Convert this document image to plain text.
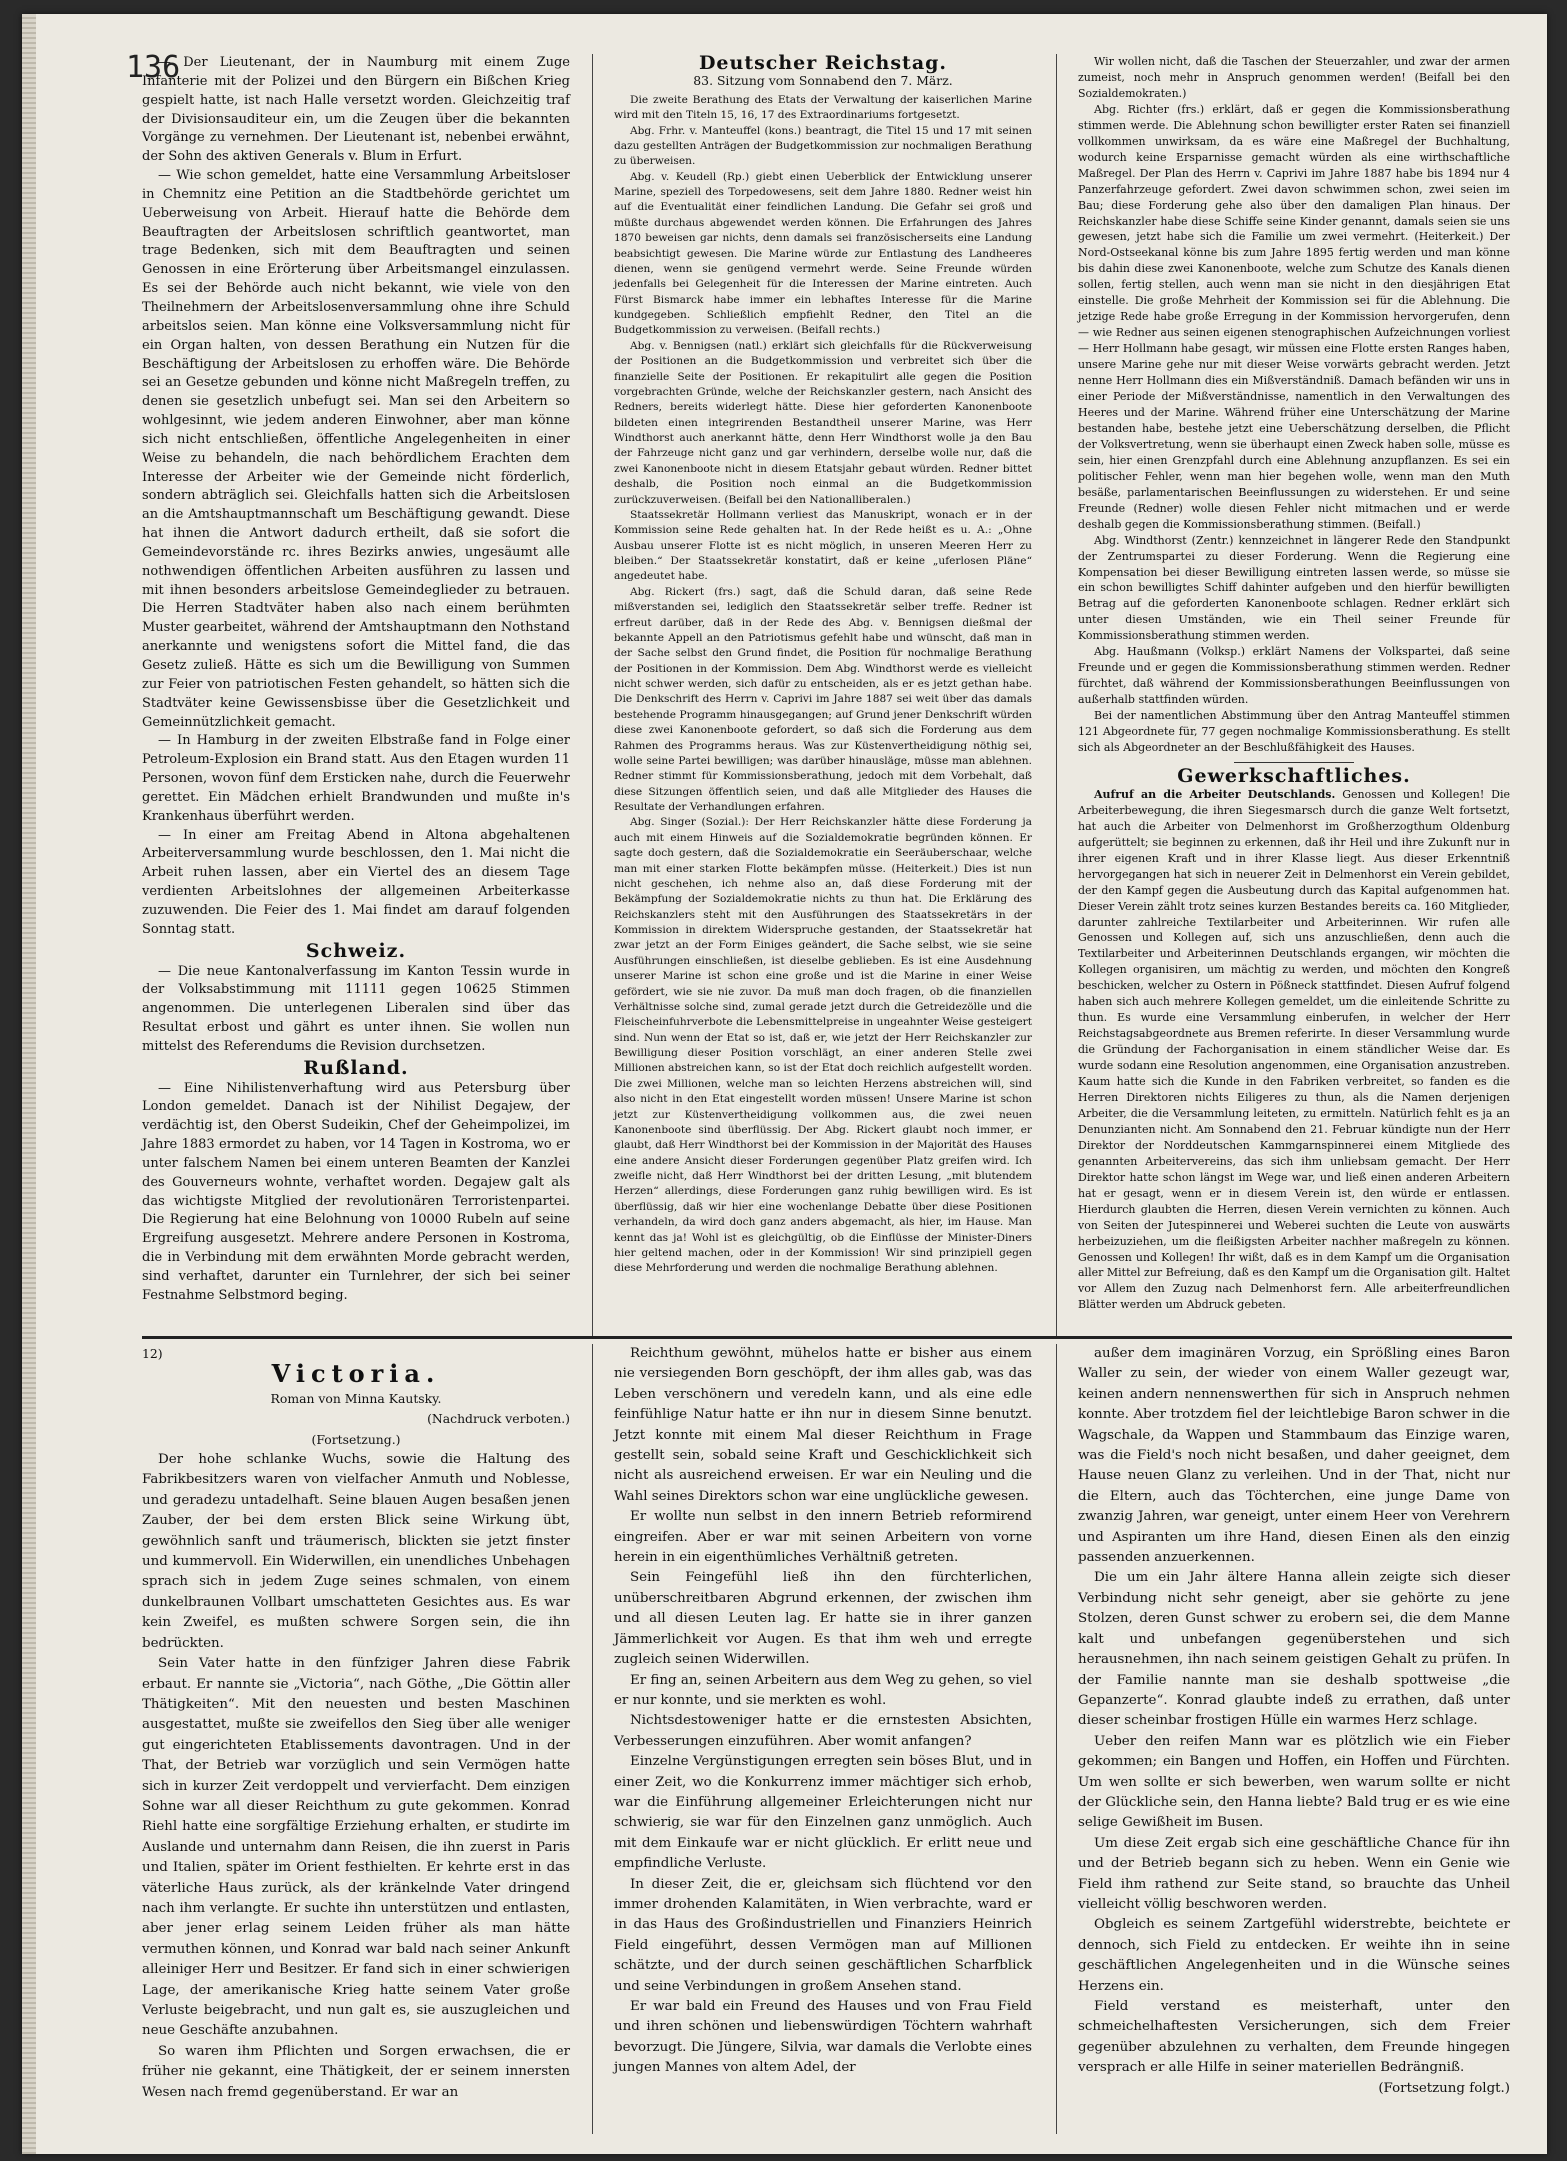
136

— Der Lieutenant, der in Naumburg mit einem Zuge Infanterie mit der Polizei und den Bürgern ein Bißchen Krieg gespielt hatte, ist nach Halle versetzt worden. Gleichzeitig traf der Divisionsauditeur ein, um die Zeugen über die bekannten Vorgänge zu vernehmen. Der Lieutenant ist, nebenbei erwähnt, der Sohn des aktiven Generals v. Blum in Erfurt.

— Wie schon gemeldet, hatte eine Versammlung Arbeitsloser in Chemnitz eine Petition an die Stadtbehörde gerichtet um Ueberweisung von Arbeit. Hierauf hatte die Behörde dem Beauftragten der Arbeitslosen schriftlich geantwortet, man trage Bedenken, sich mit dem Beauftragten und seinen Genossen in eine Erörterung über Arbeitsmangel einzulassen. Es sei der Behörde auch nicht bekannt, wie viele von den Theilnehmern der Arbeitslosenversammlung ohne ihre Schuld arbeitslos seien. Man könne eine Volksversammlung nicht für ein Organ halten, von dessen Berathung ein Nutzen für die Beschäftigung der Arbeitslosen zu erhoffen wäre. Die Behörde sei an Gesetze gebunden und könne nicht Maßregeln treffen, zu denen sie gesetzlich unbefugt sei. Man sei den Arbeitern so wohlgesinnt, wie jedem anderen Einwohner, aber man könne sich nicht entschließen, öffentliche Angelegenheiten in einer Weise zu behandeln, die nach behördlichem Erachten dem Interesse der Arbeiter wie der Gemeinde nicht förderlich, sondern abträglich sei. Gleichfalls hatten sich die Arbeitslosen an die Amtshauptmannschaft um Beschäftigung gewandt. Diese hat ihnen die Antwort dadurch ertheilt, daß sie sofort die Gemeindevorstände rc. ihres Bezirks anwies, ungesäumt alle nothwendigen öffentlichen Arbeiten ausführen zu lassen und mit ihnen besonders arbeitslose Gemeindeglieder zu betrauen. Die Herren Stadtväter haben also nach einem berühmten Muster gearbeitet, während der Amtshauptmann den Nothstand anerkannte und wenigstens sofort die Mittel fand, die das Gesetz zuließ. Hätte es sich um die Bewilligung von Summen zur Feier von patriotischen Festen gehandelt, so hätten sich die Stadtväter keine Gewissensbisse über die Gesetzlichkeit und Gemeinnützlichkeit gemacht.

— In Hamburg in der zweiten Elbstraße fand in Folge einer Petroleum-Explosion ein Brand statt. Aus den Etagen wurden 11 Personen, wovon fünf dem Ersticken nahe, durch die Feuerwehr gerettet. Ein Mädchen erhielt Brandwunden und mußte in's Krankenhaus überführt werden.

— In einer am Freitag Abend in Altona abgehaltenen Arbeiterversammlung wurde beschlossen, den 1. Mai nicht die Arbeit ruhen lassen, aber ein Viertel des an diesem Tage verdienten Arbeitslohnes der allgemeinen Arbeiterkasse zuzuwenden. Die Feier des 1. Mai findet am darauf folgenden Sonntag statt.

Schweiz.

— Die neue Kantonalverfassung im Kanton Tessin wurde in der Volksabstimmung mit 11111 gegen 10625 Stimmen angenommen. Die unterlegenen Liberalen sind über das Resultat erbost und gährt es unter ihnen. Sie wollen nun mittelst des Referendums die Revision durchsetzen.

Rußland.

— Eine Nihilistenverhaftung wird aus Petersburg über London gemeldet. Danach ist der Nihilist Degajew, der verdächtig ist, den Oberst Sudeikin, Chef der Geheimpolizei, im Jahre 1883 ermordet zu haben, vor 14 Tagen in Kostroma, wo er unter falschem Namen bei einem unteren Beamten der Kanzlei des Gouverneurs wohnte, verhaftet worden. Degajew galt als das wichtigste Mitglied der revolutionären Terroristenpartei. Die Regierung hat eine Belohnung von 10000 Rubeln auf seine Ergreifung ausgesetzt. Mehrere andere Personen in Kostroma, die in Verbindung mit dem erwähnten Morde gebracht werden, sind verhaftet, darunter ein Turnlehrer, der sich bei seiner Festnahme Selbstmord beging.

Deutscher Reichstag.
83. Sitzung vom Sonnabend den 7. März.

Die zweite Berathung des Etats der Verwaltung der kaiserlichen Marine wird mit den Titeln 15, 16, 17 des Extraordinariums fortgesetzt.

Abg. Frhr. v. Manteuffel (kons.) beantragt, die Titel 15 und 17 mit seinen dazu gestellten Anträgen der Budgetkommission zur nochmaligen Berathung zu überweisen.

Abg. v. Keudell (Rp.) giebt einen Ueberblick der Entwicklung unserer Marine, speziell des Torpedowesens, seit dem Jahre 1880. Redner weist hin auf die Eventualität einer feindlichen Landung. Die Gefahr sei groß und müßte durchaus abgewendet werden können. Die Erfahrungen des Jahres 1870 beweisen gar nichts, denn damals sei französischerseits eine Landung beabsichtigt gewesen. Die Marine würde zur Entlastung des Landheeres dienen, wenn sie genügend vermehrt werde. Seine Freunde würden jedenfalls bei Gelegenheit für die Interessen der Marine eintreten. Auch Fürst Bismarck habe immer ein lebhaftes Interesse für die Marine kundgegeben. Schließlich empfiehlt Redner, den Titel an die Budgetkommission zu verweisen. (Beifall rechts.)

Abg. v. Bennigsen (natl.) erklärt sich gleichfalls für die Rückverweisung der Positionen an die Budgetkommission und verbreitet sich über die finanzielle Seite der Positionen. Er rekapitulirt alle gegen die Position vorgebrachten Gründe, welche der Reichskanzler gestern, nach Ansicht des Redners, bereits widerlegt hätte. Diese hier geforderten Kanonenboote bildeten einen integrirenden Bestandtheil unserer Marine, was Herr Windthorst auch anerkannt hätte, denn Herr Windthorst wolle ja den Bau der Fahrzeuge nicht ganz und gar verhindern, derselbe wolle nur, daß die zwei Kanonenboote nicht in diesem Etatsjahr gebaut würden. Redner bittet deshalb, die Position noch einmal an die Budgetkommission zurückzuverweisen. (Beifall bei den Nationalliberalen.)

Staatssekretär Hollmann verliest das Manuskript, wonach er in der Kommission seine Rede gehalten hat. In der Rede heißt es u. A.: „Ohne Ausbau unserer Flotte ist es nicht möglich, in unseren Meeren Herr zu bleiben.“ Der Staatssekretär konstatirt, daß er keine „uferlosen Pläne“ angedeutet habe.

Abg. Rickert (frs.) sagt, daß die Schuld daran, daß seine Rede mißverstanden sei, lediglich den Staatssekretär selber treffe. Redner ist erfreut darüber, daß in der Rede des Abg. v. Bennigsen dießmal der bekannte Appell an den Patriotismus gefehlt habe und wünscht, daß man in der Sache selbst den Grund findet, die Position für nochmalige Berathung der Positionen in der Kommission. Dem Abg. Windthorst werde es vielleicht nicht schwer werden, sich dafür zu entscheiden, als er es jetzt gethan habe. Die Denkschrift des Herrn v. Caprivi im Jahre 1887 sei weit über das damals bestehende Programm hinausgegangen; auf Grund jener Denkschrift würden diese zwei Kanonenboote gefordert, so daß sich die Forderung aus dem Rahmen des Programms heraus. Was zur Küstenvertheidigung nöthig sei, wolle seine Partei bewilligen; was darüber hinausläge, müsse man ablehnen. Redner stimmt für Kommissionsberathung, jedoch mit dem Vorbehalt, daß diese Sitzungen öffentlich seien, und daß alle Mitglieder des Hauses die Resultate der Verhandlungen erfahren.

Abg. Singer (Sozial.): Der Herr Reichskanzler hätte diese Forderung ja auch mit einem Hinweis auf die Sozialdemokratie begründen können. Er sagte doch gestern, daß die Sozialdemokratie ein Seeräuberschaar, welche man mit einer starken Flotte bekämpfen müsse. (Heiterkeit.) Dies ist nun nicht geschehen, ich nehme also an, daß diese Forderung mit der Bekämpfung der Sozialdemokratie nichts zu thun hat. Die Erklärung des Reichskanzlers steht mit den Ausführungen des Staatssekretärs in der Kommission in direktem Widerspruche gestanden, der Staatssekretär hat zwar jetzt an der Form Einiges geändert, die Sache selbst, wie sie seine Ausführungen einschließen, ist dieselbe geblieben. Es ist eine Ausdehnung unserer Marine ist schon eine große und ist die Marine in einer Weise gefördert, wie sie nie zuvor. Da muß man doch fragen, ob die finanziellen Verhältnisse solche sind, zumal gerade jetzt durch die Getreidezölle und die Fleischeinfuhrverbote die Lebensmittelpreise in ungeahnter Weise gesteigert sind. Nun wenn der Etat so ist, daß er, wie jetzt der Herr Reichskanzler zur Bewilligung dieser Position vorschlägt, an einer anderen Stelle zwei Millionen abstreichen kann, so ist der Etat doch reichlich aufgestellt worden. Die zwei Millionen, welche man so leichten Herzens abstreichen will, sind also nicht in den Etat eingestellt worden müssen! Unsere Marine ist schon jetzt zur Küstenvertheidigung vollkommen aus, die zwei neuen Kanonenboote sind überflüssig. Der Abg. Rickert glaubt noch immer, er glaubt, daß Herr Windthorst bei der Kommission in der Majorität des Hauses eine andere Ansicht dieser Forderungen gegenüber Platz greifen wird. Ich zweifle nicht, daß Herr Windthorst bei der dritten Lesung, „mit blutendem Herzen“ allerdings, diese Forderungen ganz ruhig bewilligen wird. Es ist überflüssig, daß wir hier eine wochenlange Debatte über diese Positionen verhandeln, da wird doch ganz anders abgemacht, als hier, im Hause. Man kennt das ja! Wohl ist es gleichgültig, ob die Einflüsse der Minister-Diners hier geltend machen, oder in der Kommission! Wir sind prinzipiell gegen diese Mehrforderung und werden die nochmalige Berathung ablehnen.

Wir wollen nicht, daß die Taschen der Steuerzahler, und zwar der armen zumeist, noch mehr in Anspruch genommen werden! (Beifall bei den Sozialdemokraten.)

Abg. Richter (frs.) erklärt, daß er gegen die Kommissionsberathung stimmen werde. Die Ablehnung schon bewilligter erster Raten sei finanziell vollkommen unwirksam, da es wäre eine Maßregel der Buchhaltung, wodurch keine Ersparnisse gemacht würden als eine wirthschaftliche Maßregel. Der Plan des Herrn v. Caprivi im Jahre 1887 habe bis 1894 nur 4 Panzerfahrzeuge gefordert. Zwei davon schwimmen schon, zwei seien im Bau; diese Forderung gehe also über den damaligen Plan hinaus. Der Reichskanzler habe diese Schiffe seine Kinder genannt, damals seien sie uns gewesen, jetzt habe sich die Familie um zwei vermehrt. (Heiterkeit.) Der Nord-Ostseekanal könne bis zum Jahre 1895 fertig werden und man könne bis dahin diese zwei Kanonenboote, welche zum Schutze des Kanals dienen sollen, fertig stellen, auch wenn man sie nicht in den diesjährigen Etat einstelle. Die große Mehrheit der Kommission sei für die Ablehnung. Die jetzige Rede habe große Erregung in der Kommission hervorgerufen, denn — wie Redner aus seinen eigenen stenographischen Aufzeichnungen vorliest — Herr Hollmann habe gesagt, wir müssen eine Flotte ersten Ranges haben, unsere Marine gehe nur mit dieser Weise vorwärts gebracht werden. Jetzt nenne Herr Hollmann dies ein Mißverständniß. Damach befänden wir uns in einer Periode der Mißverständnisse, namentlich in den Verwaltungen des Heeres und der Marine. Während früher eine Unterschätzung der Marine bestanden habe, bestehe jetzt eine Ueberschätzung derselben, die Pflicht der Volksvertretung, wenn sie überhaupt einen Zweck haben solle, müsse es sein, hier einen Grenzpfahl durch eine Ablehnung anzupflanzen. Es sei ein politischer Fehler, wenn man hier begehen wolle, wenn man den Muth besäße, parlamentarischen Beeinflussungen zu widerstehen. Er und seine Freunde (Redner) wolle diesen Fehler nicht mitmachen und er werde deshalb gegen die Kommissionsberathung stimmen. (Beifall.)

Abg. Windthorst (Zentr.) kennzeichnet in längerer Rede den Standpunkt der Zentrumspartei zu dieser Forderung. Wenn die Regierung eine Kompensation bei dieser Bewilligung eintreten lassen werde, so müsse sie ein schon bewilligtes Schiff dahinter aufgeben und den hierfür bewilligten Betrag auf die geforderten Kanonenboote schlagen. Redner erklärt sich unter diesen Umständen, wie ein Theil seiner Freunde für Kommissionsberathung stimmen werden.

Abg. Haußmann (Volksp.) erklärt Namens der Volkspartei, daß seine Freunde und er gegen die Kommissionsberathung stimmen werden. Redner fürchtet, daß während der Kommissionsberathungen Beeinflussungen von außerhalb stattfinden würden.

Bei der namentlichen Abstimmung über den Antrag Manteuffel stimmen 121 Abgeordnete für, 77 gegen nochmalige Kommissionsberathung. Es stellt sich als Abgeordneter an der Beschlußfähigkeit des Hauses.

Gewerkschaftliches.

Aufruf an die Arbeiter Deutschlands. Genossen und Kollegen! Die Arbeiterbewegung, die ihren Siegesmarsch durch die ganze Welt fortsetzt, hat auch die Arbeiter von Delmenhorst im Großherzogthum Oldenburg aufgerüttelt; sie beginnen zu erkennen, daß ihr Heil und ihre Zukunft nur in ihrer eigenen Kraft und in ihrer Klasse liegt. Aus dieser Erkenntniß hervorgegangen hat sich in neuerer Zeit in Delmenhorst ein Verein gebildet, der den Kampf gegen die Ausbeutung durch das Kapital aufgenommen hat. Dieser Verein zählt trotz seines kurzen Bestandes bereits ca. 160 Mitglieder, darunter zahlreiche Textilarbeiter und Arbeiterinnen. Wir rufen alle Genossen und Kollegen auf, sich uns anzuschließen, denn auch die Textilarbeiter und Arbeiterinnen Deutschlands ergangen, wir möchten die Kollegen organisiren, um mächtig zu werden, und möchten den Kongreß beschicken, welcher zu Ostern in Pößneck stattfindet. Diesen Aufruf folgend haben sich auch mehrere Kollegen gemeldet, um die einleitende Schritte zu thun. Es wurde eine Versammlung einberufen, in welcher der Herr Reichstagsabgeordnete aus Bremen referirte. In dieser Versammlung wurde die Gründung der Fachorganisation in einem ständlicher Weise dar. Es wurde sodann eine Resolution angenommen, eine Organisation anzustreben. Kaum hatte sich die Kunde in den Fabriken verbreitet, so fanden es die Herren Direktoren nichts Eiligeres zu thun, als die Namen derjenigen Arbeiter, die die Versammlung leiteten, zu ermitteln. Natürlich fehlt es ja an Denunzianten nicht. Am Sonnabend den 21. Februar kündigte nun der Herr Direktor der Norddeutschen Kammgarnspinnerei einem Mitgliede des genannten Arbeitervereins, das sich ihm unliebsam gemacht. Der Herr Direktor hatte schon längst im Wege war, und ließ einen anderen Arbeitern hat er gesagt, wenn er in diesem Verein ist, den würde er entlassen. Hierdurch glaubten die Herren, diesen Verein vernichten zu können. Auch von Seiten der Jutespinnerei und Weberei suchten die Leute von auswärts herbeizuziehen, um die fleißigsten Arbeiter nachher maßregeln zu können. Genossen und Kollegen! Ihr wißt, daß es in dem Kampf um die Organisation aller Mittel zur Befreiung, daß es den Kampf um die Organisation gilt. Haltet vor Allem den Zuzug nach Delmenhorst fern. Alle arbeiterfreundlichen Blätter werden um Abdruck gebeten.

12)
Victoria.
Roman von Minna Kautsky.
(Nachdruck verboten.)
(Fortsetzung.)

Der hohe schlanke Wuchs, sowie die Haltung des Fabrikbesitzers waren von vielfacher Anmuth und Noblesse, und geradezu untadelhaft. Seine blauen Augen besaßen jenen Zauber, der bei dem ersten Blick seine Wirkung übt, gewöhnlich sanft und träumerisch, blickten sie jetzt finster und kummervoll. Ein Widerwillen, ein unendliches Unbehagen sprach sich in jedem Zuge seines schmalen, von einem dunkelbraunen Vollbart umschatteten Gesichtes aus. Es war kein Zweifel, es mußten schwere Sorgen sein, die ihn bedrückten.

Sein Vater hatte in den fünfziger Jahren diese Fabrik erbaut. Er nannte sie „Victoria“, nach Göthe, „Die Göttin aller Thätigkeiten“. Mit den neuesten und besten Maschinen ausgestattet, mußte sie zweifellos den Sieg über alle weniger gut eingerichteten Etablissements davontragen. Und in der That, der Betrieb war vorzüglich und sein Vermögen hatte sich in kurzer Zeit verdoppelt und vervierfacht. Dem einzigen Sohne war all dieser Reichthum zu gute gekommen. Konrad Riehl hatte eine sorgfältige Erziehung erhalten, er studirte im Auslande und unternahm dann Reisen, die ihn zuerst in Paris und Italien, später im Orient festhielten. Er kehrte erst in das väterliche Haus zurück, als der kränkelnde Vater dringend nach ihm verlangte. Er suchte ihn unterstützen und entlasten, aber jener erlag seinem Leiden früher als man hätte vermuthen können, und Konrad war bald nach seiner Ankunft alleiniger Herr und Besitzer. Er fand sich in einer schwierigen Lage, der amerikanische Krieg hatte seinem Vater große Verluste beigebracht, und nun galt es, sie auszugleichen und neue Geschäfte anzubahnen.

So waren ihm Pflichten und Sorgen erwachsen, die er früher nie gekannt, eine Thätigkeit, der er seinem innersten Wesen nach fremd gegenüberstand. Er war an

Reichthum gewöhnt, mühelos hatte er bisher aus einem nie versiegenden Born geschöpft, der ihm alles gab, was das Leben verschönern und veredeln kann, und als eine edle feinfühlige Natur hatte er ihn nur in diesem Sinne benutzt. Jetzt konnte mit einem Mal dieser Reichthum in Frage gestellt sein, sobald seine Kraft und Geschicklichkeit sich nicht als ausreichend erweisen. Er war ein Neuling und die Wahl seines Direktors schon war eine unglückliche gewesen.

Er wollte nun selbst in den innern Betrieb reformirend eingreifen. Aber er war mit seinen Arbeitern von vorne herein in ein eigenthümliches Verhältniß getreten.

Sein Feingefühl ließ ihn den fürchterlichen, unüberschreitbaren Abgrund erkennen, der zwischen ihm und all diesen Leuten lag. Er hatte sie in ihrer ganzen Jämmerlichkeit vor Augen. Es that ihm weh und erregte zugleich seinen Widerwillen.

Er fing an, seinen Arbeitern aus dem Weg zu gehen, so viel er nur konnte, und sie merkten es wohl.

Nichtsdestoweniger hatte er die ernstesten Absichten, Verbesserungen einzuführen. Aber womit anfangen?

Einzelne Vergünstigungen erregten sein böses Blut, und in einer Zeit, wo die Konkurrenz immer mächtiger sich erhob, war die Einführung allgemeiner Erleichterungen nicht nur schwierig, sie war für den Einzelnen ganz unmöglich. Auch mit dem Einkaufe war er nicht glücklich. Er erlitt neue und empfindliche Verluste.

In dieser Zeit, die er, gleichsam sich flüchtend vor den immer drohenden Kalamitäten, in Wien verbrachte, ward er in das Haus des Großindustriellen und Finanziers Heinrich Field eingeführt, dessen Vermögen man auf Millionen schätzte, und der durch seinen geschäftlichen Scharfblick und seine Verbindungen in großem Ansehen stand.

Er war bald ein Freund des Hauses und von Frau Field und ihren schönen und liebenswürdigen Töchtern wahrhaft bevorzugt. Die Jüngere, Silvia, war damals die Verlobte eines jungen Mannes von altem Adel, der

außer dem imaginären Vorzug, ein Sprößling eines Baron Waller zu sein, der wieder von einem Waller gezeugt war, keinen andern nennenswerthen für sich in Anspruch nehmen konnte. Aber trotzdem fiel der leichtlebige Baron schwer in die Wagschale, da Wappen und Stammbaum das Einzige waren, was die Field's noch nicht besaßen, und daher geeignet, dem Hause neuen Glanz zu verleihen. Und in der That, nicht nur die Eltern, auch das Töchterchen, eine junge Dame von zwanzig Jahren, war geneigt, unter einem Heer von Verehrern und Aspiranten um ihre Hand, diesen Einen als den einzig passenden anzuerkennen.

Die um ein Jahr ältere Hanna allein zeigte sich dieser Verbindung nicht sehr geneigt, aber sie gehörte zu jene Stolzen, deren Gunst schwer zu erobern sei, die dem Manne kalt und unbefangen gegenüberstehen und sich herausnehmen, ihn nach seinem geistigen Gehalt zu prüfen. In der Familie nannte man sie deshalb spottweise „die Gepanzerte“. Konrad glaubte indeß zu errathen, daß unter dieser scheinbar frostigen Hülle ein warmes Herz schlage.

Ueber den reifen Mann war es plötzlich wie ein Fieber gekommen; ein Bangen und Hoffen, ein Hoffen und Fürchten. Um wen sollte er sich bewerben, wen warum sollte er nicht der Glückliche sein, den Hanna liebte? Bald trug er es wie eine selige Gewißheit im Busen.

Um diese Zeit ergab sich eine geschäftliche Chance für ihn und der Betrieb begann sich zu heben. Wenn ein Genie wie Field ihm rathend zur Seite stand, so brauchte das Unheil vielleicht völlig beschworen werden.

Obgleich es seinem Zartgefühl widerstrebte, beichtete er dennoch, sich Field zu entdecken. Er weihte ihn in seine geschäftlichen Angelegenheiten und in die Wünsche seines Herzens ein.

Field verstand es meisterhaft, unter den schmeichelhaftesten Versicherungen, sich dem Freier gegenüber abzulehnen zu verhalten, dem Freunde hingegen versprach er alle Hilfe in seiner materiellen Bedrängniß.

(Fortsetzung folgt.)
